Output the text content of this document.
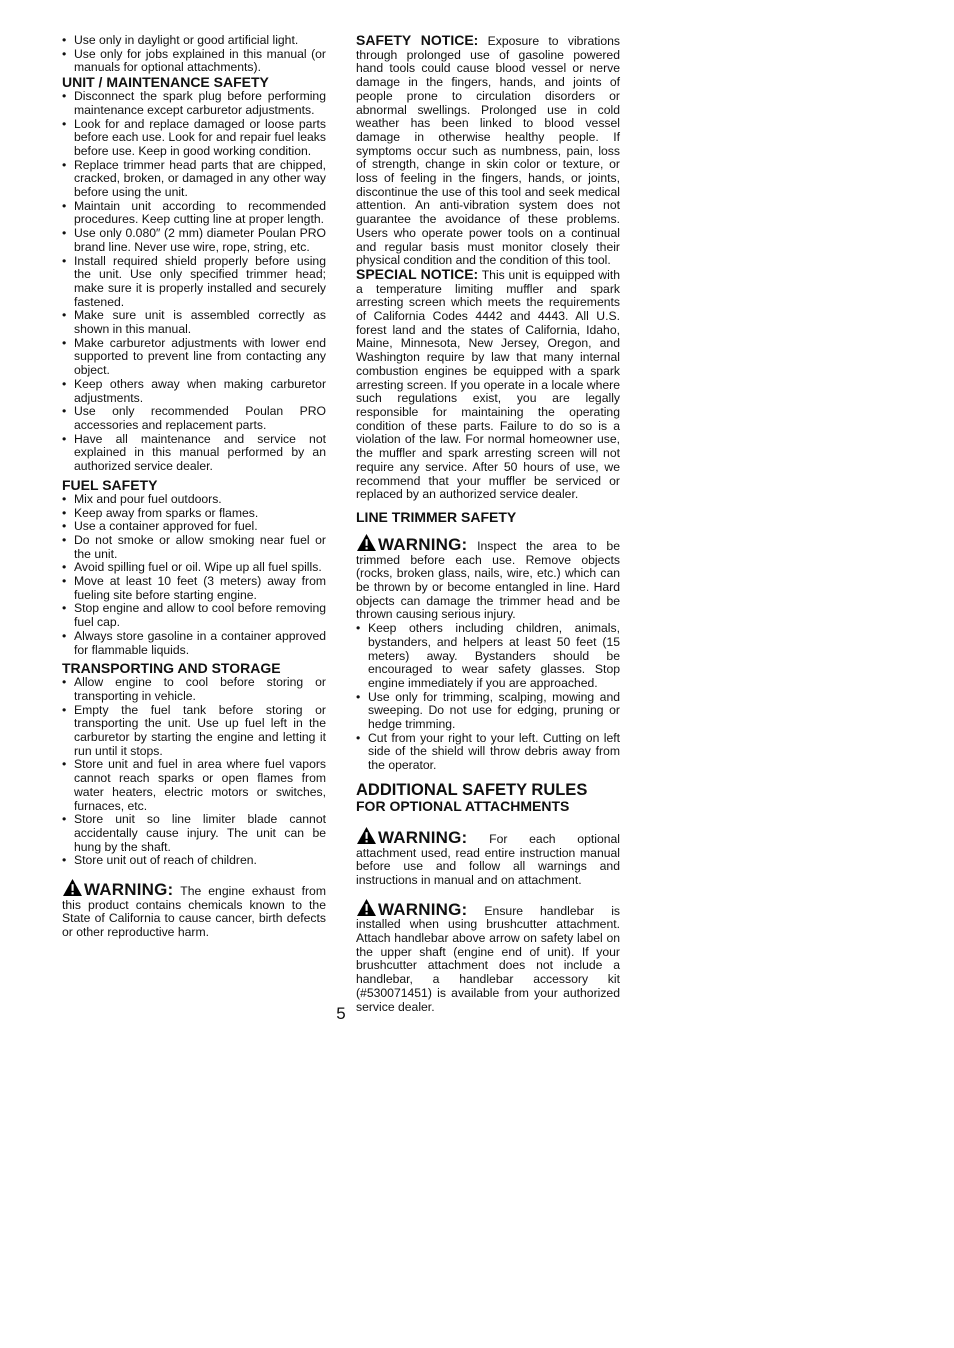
• Use only in daylight or good artificial light.
• Use only for jobs explained in this manual (or manuals for optional attachments).
UNIT / MAINTENANCE SAFETY
• Disconnect the spark plug before performing maintenance except carburetor adjustments.
• Look for and replace damaged or loose parts before each use. Look for and repair fuel leaks before use. Keep in good working condition.
• Replace trimmer head parts that are chipped, cracked, broken, or damaged in any other way before using the unit.
• Maintain unit according to recommended procedures. Keep cutting line at proper length.
• Use only 0.080″ (2 mm) diameter Poulan PRO brand line. Never use wire, rope, string, etc.
• Install required shield properly before using the unit. Use only specified trimmer head; make sure it is properly installed and securely fastened.
• Make sure unit is assembled correctly as shown in this manual.
• Make carburetor adjustments with lower end supported to prevent line from contacting any object.
• Keep others away when making carburetor adjustments.
• Use only recommended Poulan PRO accessories and replacement parts.
• Have all maintenance and service not explained in this manual performed by an authorized service dealer.
FUEL SAFETY
• Mix and pour fuel outdoors.
• Keep away from sparks or flames.
• Use a container approved for fuel.
• Do not smoke or allow smoking near fuel or the unit.
• Avoid spilling fuel or oil. Wipe up all fuel spills.
• Move at least 10 feet (3 meters) away from fueling site before starting engine.
• Stop engine and allow to cool before removing fuel cap.
• Always store gasoline in a container approved for flammable liquids.
TRANSPORTING AND STORAGE
• Allow engine to cool before storing or transporting in vehicle.
• Empty the fuel tank before storing or transporting the unit. Use up fuel left in the carburetor by starting the engine and letting it run until it stops.
• Store unit and fuel in area where fuel vapors cannot reach sparks or open flames from water heaters, electric motors or switches, furnaces, etc.
• Store unit so line limiter blade cannot accidentally cause injury. The unit can be hung by the shaft.
• Store unit out of reach of children.

WARNING: The engine exhaust from this product contains chemicals known to the State of California to cause cancer, birth defects or other reproductive harm.

SAFETY NOTICE: Exposure to vibrations through prolonged use of gasoline powered hand tools could cause blood vessel or nerve damage in the fingers, hands, and joints of people prone to circulation disorders or abnormal swellings. Prolonged use in cold weather has been linked to blood vessel damage in otherwise healthy people. If symptoms occur such as numbness, pain, loss of strength, change in skin color or texture, or loss of feeling in the fingers, hands, or joints, discontinue the use of this tool and seek medical attention. An anti-vibration system does not guarantee the avoidance of these problems. Users who operate power tools on a continual and regular basis must monitor closely their physical condition and the condition of this tool.

SPECIAL NOTICE: This unit is equipped with a temperature limiting muffler and spark arresting screen which meets the requirements of California Codes 4442 and 4443. All U.S. forest land and the states of California, Idaho, Maine, Minnesota, New Jersey, Oregon, and Washington require by law that many internal combustion engines be equipped with a spark arresting screen. If you operate in a locale where such regulations exist, you are legally responsible for maintaining the operating condition of these parts. Failure to do so is a violation of the law. For normal homeowner use, the muffler and spark arresting screen will not require any service. After 50 hours of use, we recommend that your muffler be serviced or replaced by an authorized service dealer.

LINE TRIMMER SAFETY

WARNING: Inspect the area to be trimmed before each use. Remove objects (rocks, broken glass, nails, wire, etc.) which can be thrown by or become entangled in line. Hard objects can damage the trimmer head and be thrown causing serious injury.

• Keep others including children, animals, bystanders, and helpers at least 50 feet (15 meters) away. Bystanders should be encouraged to wear safety glasses. Stop engine immediately if you are approached.
• Use only for trimming, scalping, mowing and sweeping. Do not use for edging, pruning or hedge trimming.
• Cut from your right to your left. Cutting on left side of the shield will throw debris away from the operator.
ADDITIONAL SAFETY RULES
FOR OPTIONAL ATTACHMENTS

WARNING: For each optional attachment used, read entire instruction manual before use and follow all warnings and instructions in manual and on attachment.

WARNING: Ensure handlebar is installed when using brushcutter attachment. Attach handlebar above arrow on safety label on the upper shaft (engine end of unit). If your brushcutter attachment does not include a handlebar, a handlebar accessory kit (#530071451) is available from your authorized service dealer.

5
